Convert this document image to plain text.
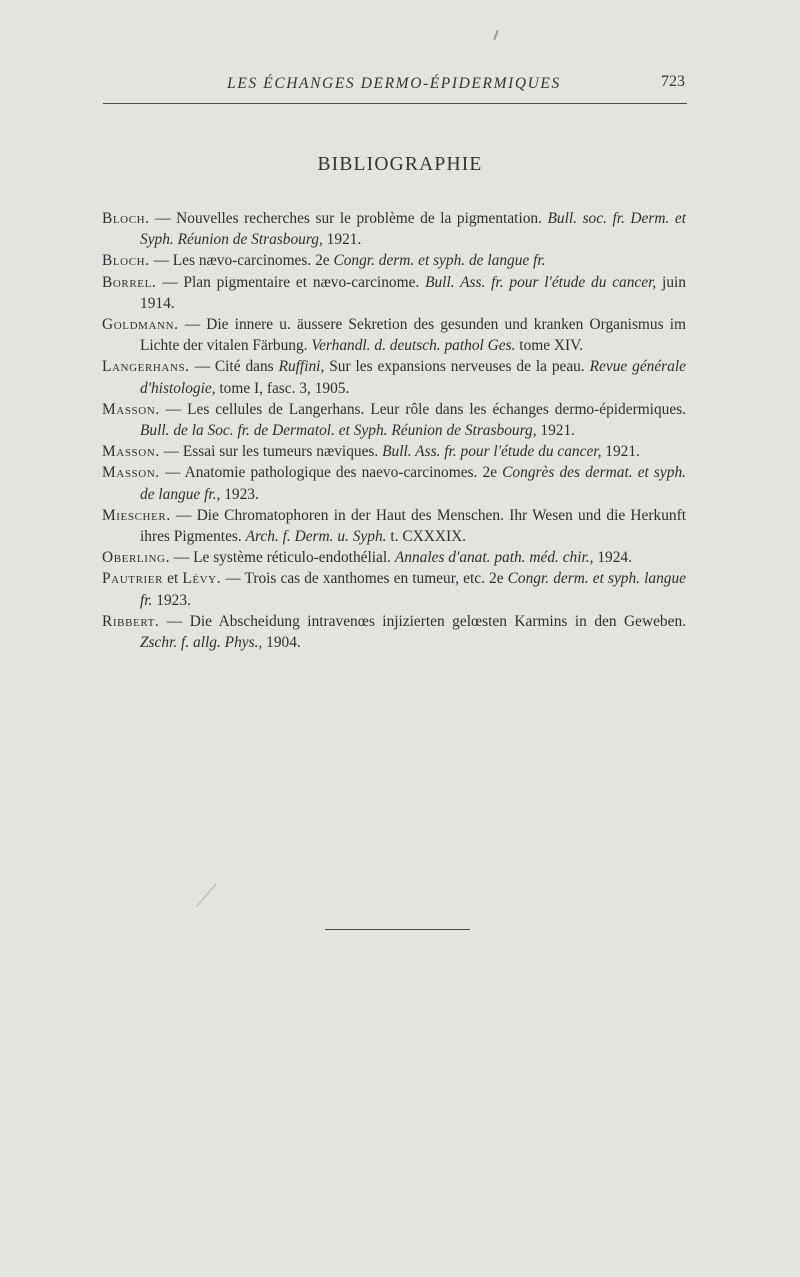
LES ÉCHANGES DERMO-ÉPIDERMIQUES	723
BIBLIOGRAPHIE

Bloch. — Nouvelles recherches sur le problème de la pigmentation. Bull. soc. fr. Derm. et Syph. Réunion de Strasbourg, 1921.

Bloch. — Les nævo-carcinomes. 2e Congr. derm. et syph. de langue fr.

Borrel. — Plan pigmentaire et nævo-carcinome. Bull. Ass. fr. pour l'étude du cancer, juin 1914.

Goldmann. — Die innere u. äussere Sekretion des gesunden und kranken Organismus im Lichte der vitalen Färbung. Verhandl. d. deutsch. pathol Ges. tome XIV.

Langerhans. — Cité dans Ruffini, Sur les expansions nerveuses de la peau. Revue générale d'histologie, tome I, fasc. 3, 1905.

Masson. — Les cellules de Langerhans. Leur rôle dans les échanges dermo-épidermiques. Bull. de la Soc. fr. de Dermatol. et Syph. Réunion de Strasbourg, 1921.

Masson. — Essai sur les tumeurs næviques. Bull. Ass. fr. pour l'étude du cancer, 1921.

Masson. — Anatomie pathologique des naevo-carcinomes. 2e Congrès des dermat. et syph. de langue fr., 1923.

Miescher. — Die Chromatophoren in der Haut des Menschen. Ihr Wesen und die Herkunft ihres Pigmentes. Arch. f. Derm. u. Syph. t. CXXXIX.

Oberling. — Le système réticulo-endothélial. Annales d'anat. path. méd. chir., 1924.

Pautrier et Lévy. — Trois cas de xanthomes en tumeur, etc. 2e Congr. derm. et syph. langue fr. 1923.

Ribbert. — Die Abscheidung intravenœs injizierten gelœsten Karmins in den Geweben. Zschr. f. allg. Phys., 1904.
